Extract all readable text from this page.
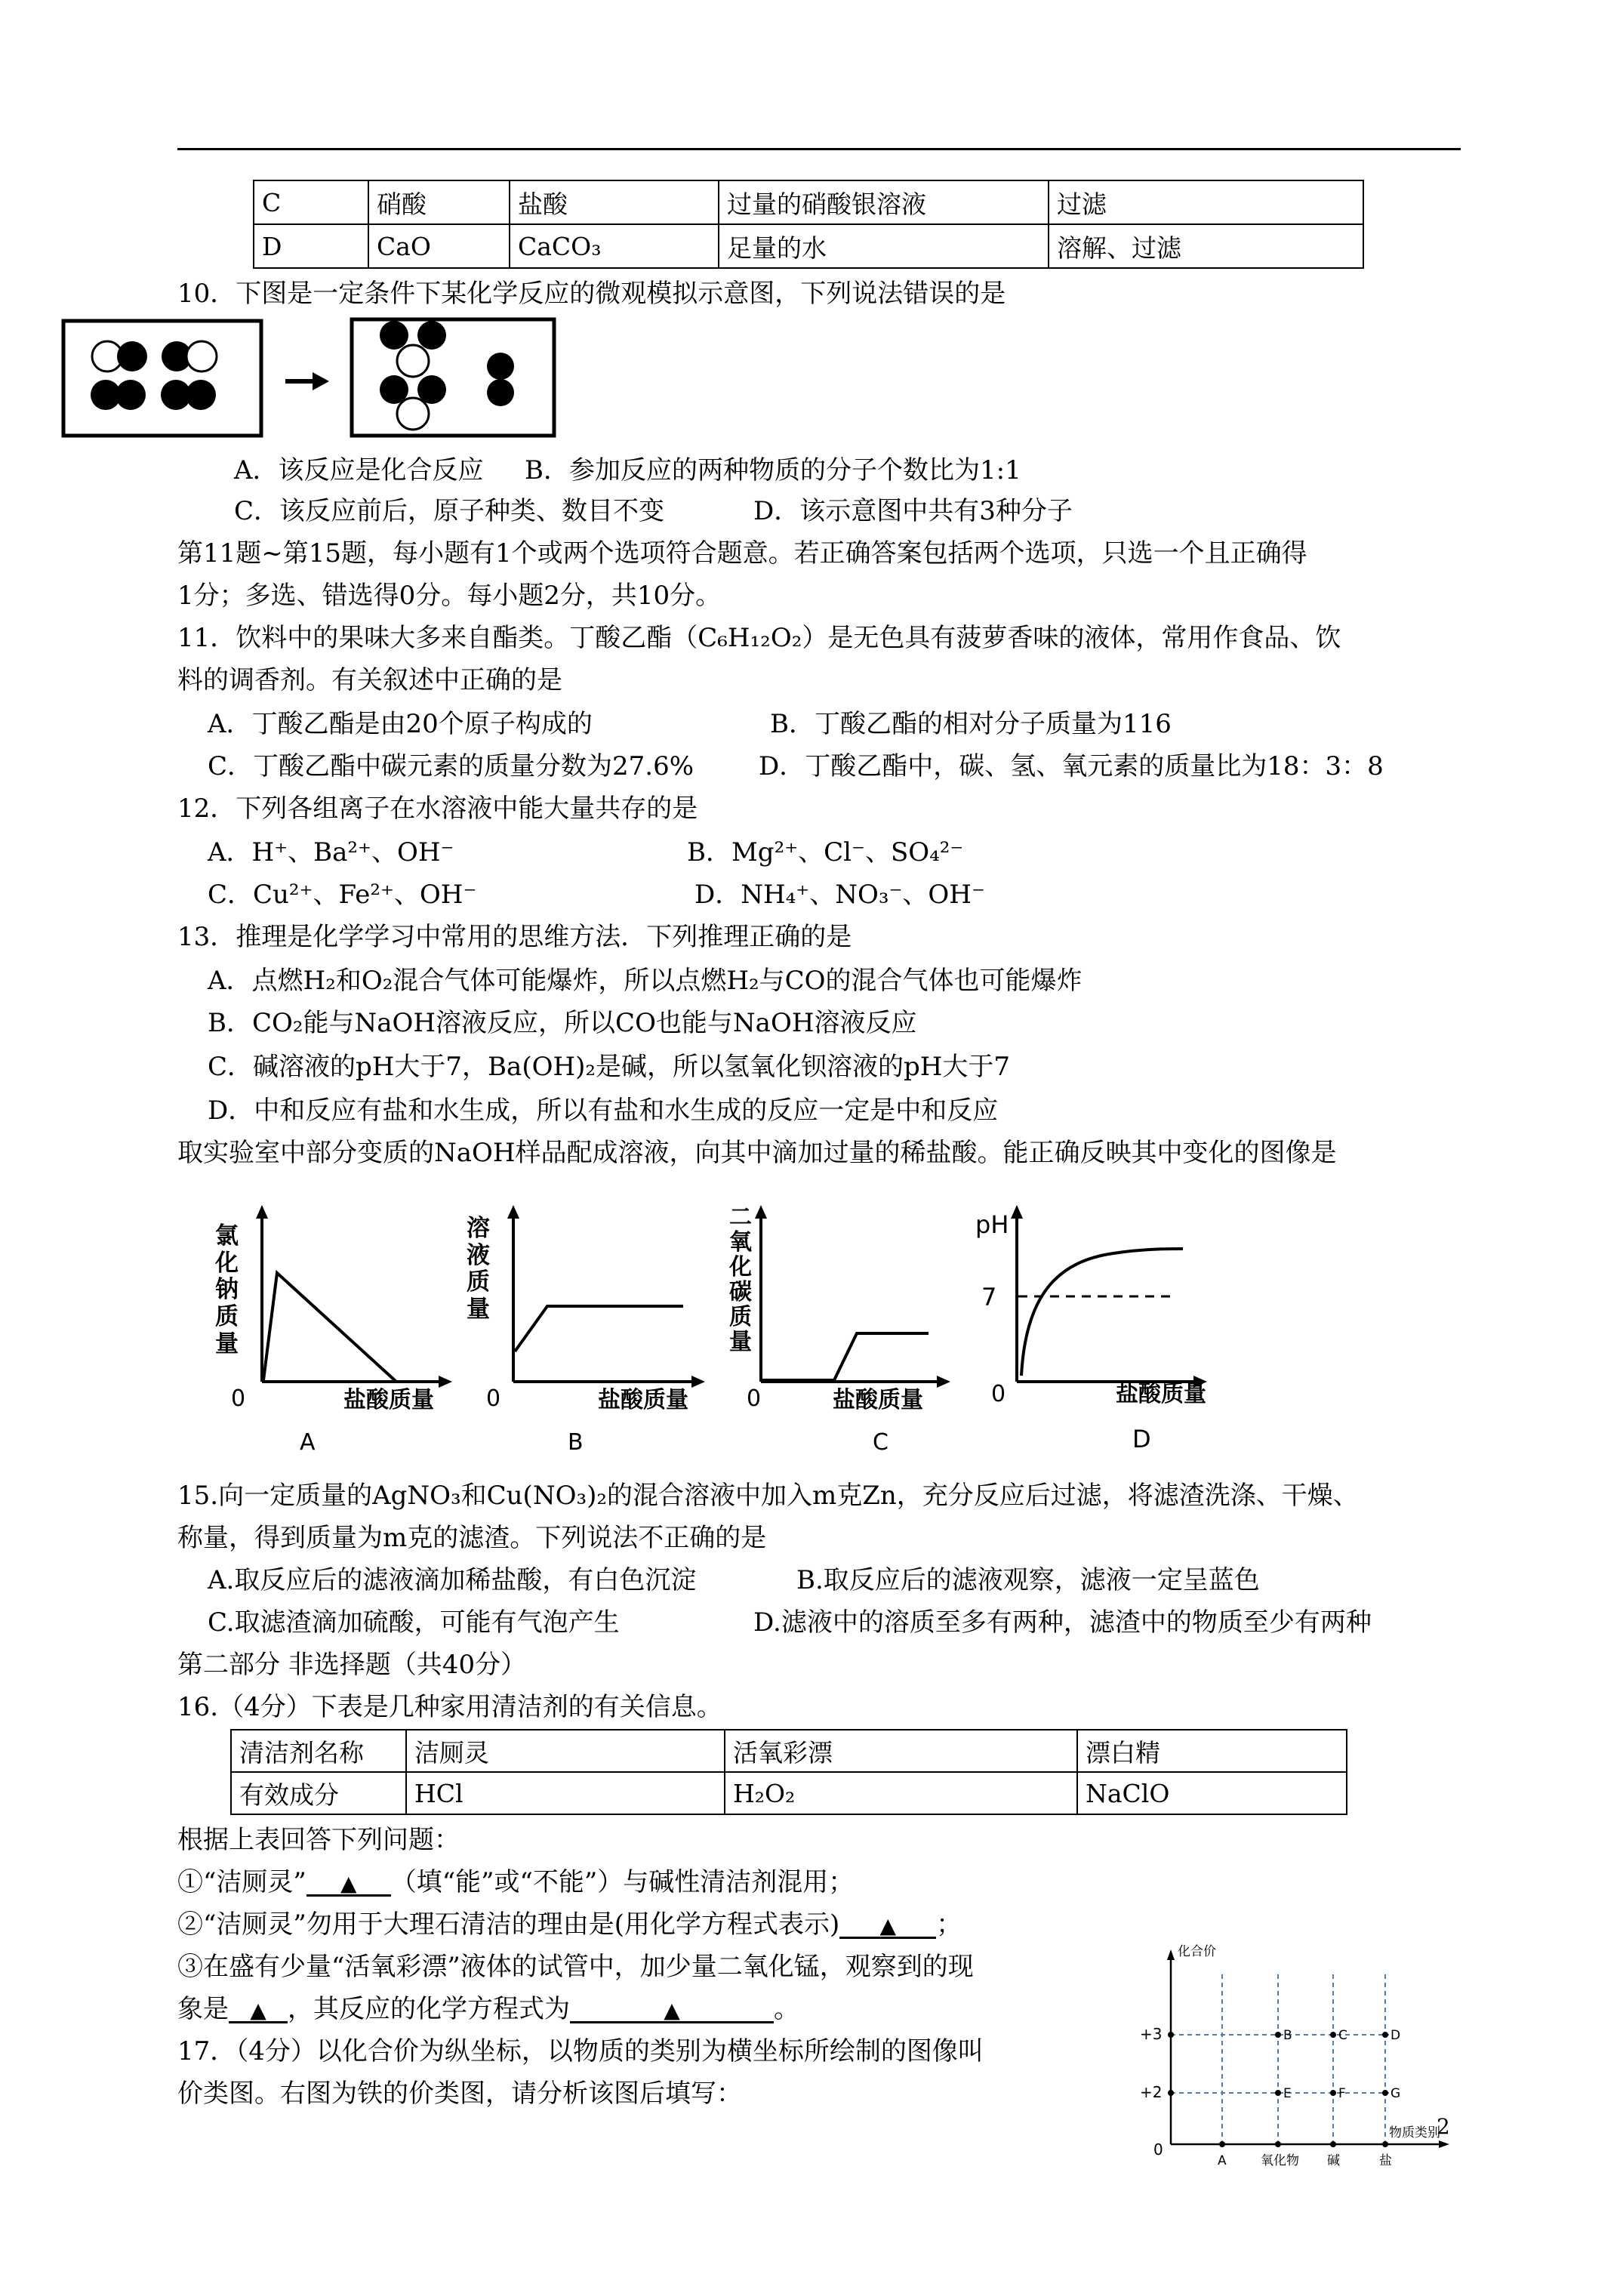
C	硝酸	盐酸	过量的硝酸银溶液	过滤
D	CaO	CaCO₃	足量的水	溶解、过滤
10．下图是一定条件下某化学反应的微观模拟示意图，下列说法错误的是
A．该反应是化合反应 B．参加反应的两种物质的分子个数比为1:1
C．该反应前后，原子种类、数目不变	D．该示意图中共有3种分子
第11题~第15题，每小题有1个或两个选项符合题意。若正确答案包括两个选项，只选一个且正确得
1分；多选、错选得0分。每小题2分，共10分。
11．饮料中的果味大多来自酯类。丁酸乙酯（C₆H₁₂O₂）是无色具有菠萝香味的液体，常用作食品、饮
料的调香剂。有关叙述中正确的是
A．丁酸乙酯是由20个原子构成的	B．丁酸乙酯的相对分子质量为116
C．丁酸乙酯中碳元素的质量分数为27.6%	D．丁酸乙酯中，碳、氢、氧元素的质量比为18：3：8
12．下列各组离子在水溶液中能大量共存的是
A．H⁺、Ba²⁺、OH⁻	B．Mg²⁺、Cl⁻、SO₄²⁻
C．Cu²⁺、Fe²⁺、OH⁻	D．NH₄⁺、NO₃⁻、OH⁻
13．推理是化学学习中常用的思维方法．下列推理正确的是
A．点燃H₂和O₂混合气体可能爆炸，所以点燃H₂与CO的混合气体也可能爆炸
B．CO₂能与NaOH溶液反应，所以CO也能与NaOH溶液反应
C．碱溶液的pH大于7，Ba(OH)₂是碱，所以氢氧化钡溶液的pH大于7
D．中和反应有盐和水生成，所以有盐和水生成的反应一定是中和反应
取实验室中部分变质的NaOH样品配成溶液，向其中滴加过量的稀盐酸。能正确反映其中变化的图像是
氯化钠质量
0	盐酸质量
A
溶液质量
0	盐酸质量
B
二氧化碳质量
0	盐酸质量
C
pH
7
0	盐酸质量
D
15.向一定质量的AgNO₃和Cu(NO₃)₂的混合溶液中加入m克Zn，充分反应后过滤，将滤渣洗涤、干燥、
称量，得到质量为m克的滤渣。下列说法不正确的是
A.取反应后的滤液滴加稀盐酸，有白色沉淀	B.取反应后的滤液观察，滤液一定呈蓝色
C.取滤渣滴加硫酸，可能有气泡产生	D.滤液中的溶质至多有两种，滤渣中的物质至少有两种
第二部分 非选择题（共40分）
16.（4分）下表是几种家用清洁剂的有关信息。
清洁剂名称	洁厕灵	活氧彩漂	漂白精
有效成分	HCl	H₂O₂	NaClO
根据上表回答下列问题：
①“洁厕灵” ▲ （填“能”或“不能”）与碱性清洁剂混用；
②“洁厕灵”勿用于大理石清洁的理由是(用化学方程式表示) ▲ ；
③在盛有少量“活氧彩漂”液体的试管中，加少量二氧化锰，观察到的现
象是 ▲ ，其反应的化学方程式为	▲	。
17．（4分）以化合价为纵坐标，以物质的类别为横坐标所绘制的图像叫
价类图。右图为铁的价类图，请分析该图后填写：
化合价
+3
+2
0
B	C	D
E	F	G
物质类别
A	氧化物 碱	盐
2
